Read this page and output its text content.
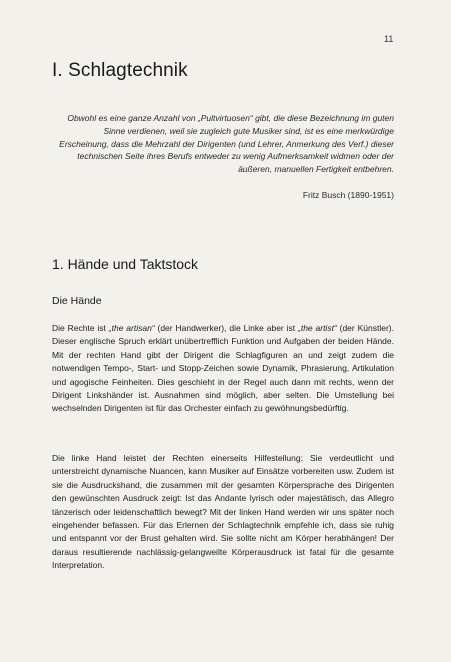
11
I. Schlagtechnik
Obwohl es eine ganze Anzahl von „Pultvirtuosen“ gibt, die diese Bezeichnung im guten Sinne verdienen, weil sie zugleich gute Musiker sind, ist es eine merkwürdige Erscheinung, dass die Mehrzahl der Dirigenten (und Lehrer, Anmerkung des Verf.) dieser technischen Seite ihres Berufs entweder zu wenig Aufmerksamkeit widmen oder der äußeren, manuellen Fertigkeit entbehren.
Fritz Busch (1890-1951)
1. Hände und Taktstock
Die Hände

Die Rechte ist „the artisan“ (der Handwerker), die Linke aber ist „the artist“ (der Künstler). Dieser englische Spruch erklärt unübertrefflich Funktion und Aufgaben der beiden Hände. Mit der rechten Hand gibt der Dirigent die Schlagfiguren an und zeigt zudem die notwendigen Tempo-, Start- und Stopp-Zeichen sowie Dynamik, Phrasierung, Artikulation und agogische Feinheiten. Dies geschieht in der Regel auch dann mit rechts, wenn der Dirigent Linkshänder ist. Ausnahmen sind möglich, aber selten. Die Umstellung bei wechselnden Dirigenten ist für das Orchester einfach zu gewöhnungsbedürftig.

Die linke Hand leistet der Rechten einerseits Hilfestellung: Sie verdeutlicht und unterstreicht dynamische Nuancen, kann Musiker auf Einsätze vorbereiten usw. Zudem ist sie die Ausdruckshand, die zusammen mit der gesamten Körpersprache des Dirigenten den gewünschten Ausdruck zeigt: Ist das Andante lyrisch oder majestätisch, das Allegro tänzerisch oder leidenschaftlich bewegt? Mit der linken Hand werden wir uns später noch eingehender befassen. Für das Erlernen der Schlagtechnik empfehle ich, dass sie ruhig und entspannt vor der Brust gehalten wird. Sie sollte nicht am Körper herabhängen! Der daraus resultierende nachlässig-gelangweilte Körperausdruck ist fatal für die gesamte Interpretation.
